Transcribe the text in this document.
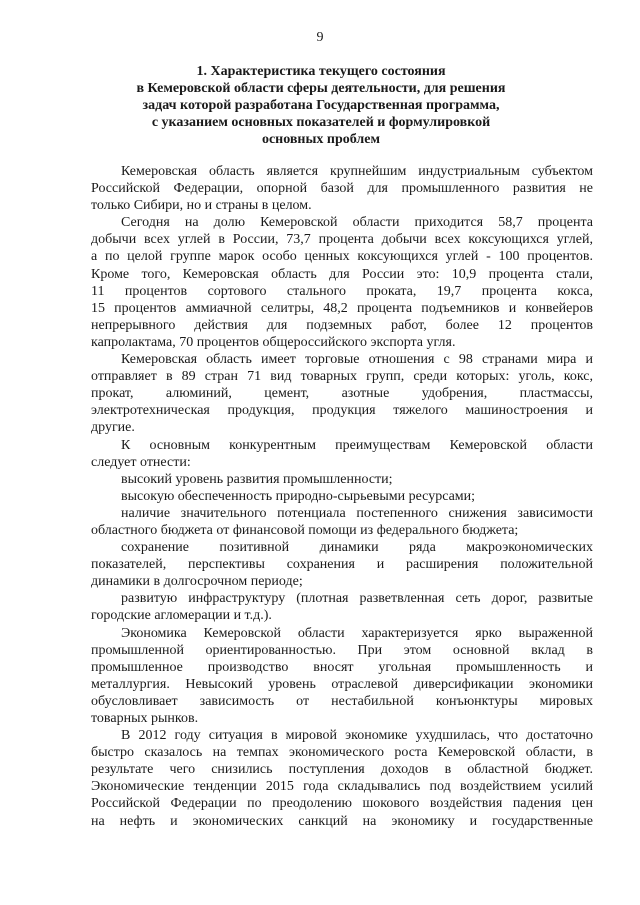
9
1. Характеристика текущего состояния
в Кемеровской области сферы деятельности, для решения
задач которой разработана Государственная программа,
с указанием основных показателей и формулировкой
основных проблем
Кемеровская область является крупнейшим индустриальным субъектом
Российской Федерации, опорной базой для промышленного развития не
только Сибири, но и страны в целом.
Сегодня на долю Кемеровской области приходится 58,7 процента
добычи всех углей в России, 73,7 процента добычи всех коксующихся углей,
а по целой группе марок особо ценных коксующихся углей - 100 процентов.
Кроме того, Кемеровская область для России это: 10,9 процента стали,
11 процентов сортового стального проката, 19,7 процента кокса,
15 процентов аммиачной селитры, 48,2 процента подъемников и конвейеров
непрерывного действия для подземных работ, более 12 процентов
капролактама, 70 процентов общероссийского экспорта угля.
Кемеровская область имеет торговые отношения с 98 странами мира и
отправляет в 89 стран 71 вид товарных групп, среди которых: уголь, кокс,
прокат, алюминий, цемент, азотные удобрения, пластмассы,
электротехническая продукция, продукция тяжелого машиностроения и
другие.
К основным конкурентным преимуществам Кемеровской области
следует отнести:
высокий уровень развития промышленности;
высокую обеспеченность природно-сырьевыми ресурсами;
наличие значительного потенциала постепенного снижения зависимости
областного бюджета от финансовой помощи из федерального бюджета;
сохранение позитивной динамики ряда макроэкономических
показателей, перспективы сохранения и расширения положительной
динамики в долгосрочном периоде;
развитую инфраструктуру (плотная разветвленная сеть дорог, развитые
городские агломерации и т.д.).
Экономика Кемеровской области характеризуется ярко выраженной
промышленной ориентированностью. При этом основной вклад в
промышленное производство вносят угольная промышленность и
металлургия. Невысокий уровень отраслевой диверсификации экономики
обусловливает зависимость от нестабильной конъюнктуры мировых
товарных рынков.
В 2012 году ситуация в мировой экономике ухудшилась, что достаточно
быстро сказалось на темпах экономического роста Кемеровской области, в
результате чего снизились поступления доходов в областной бюджет.
Экономические тенденции 2015 года складывались под воздействием усилий
Российской Федерации по преодолению шокового воздействия падения цен
на нефть и экономических санкций на экономику и государственные
